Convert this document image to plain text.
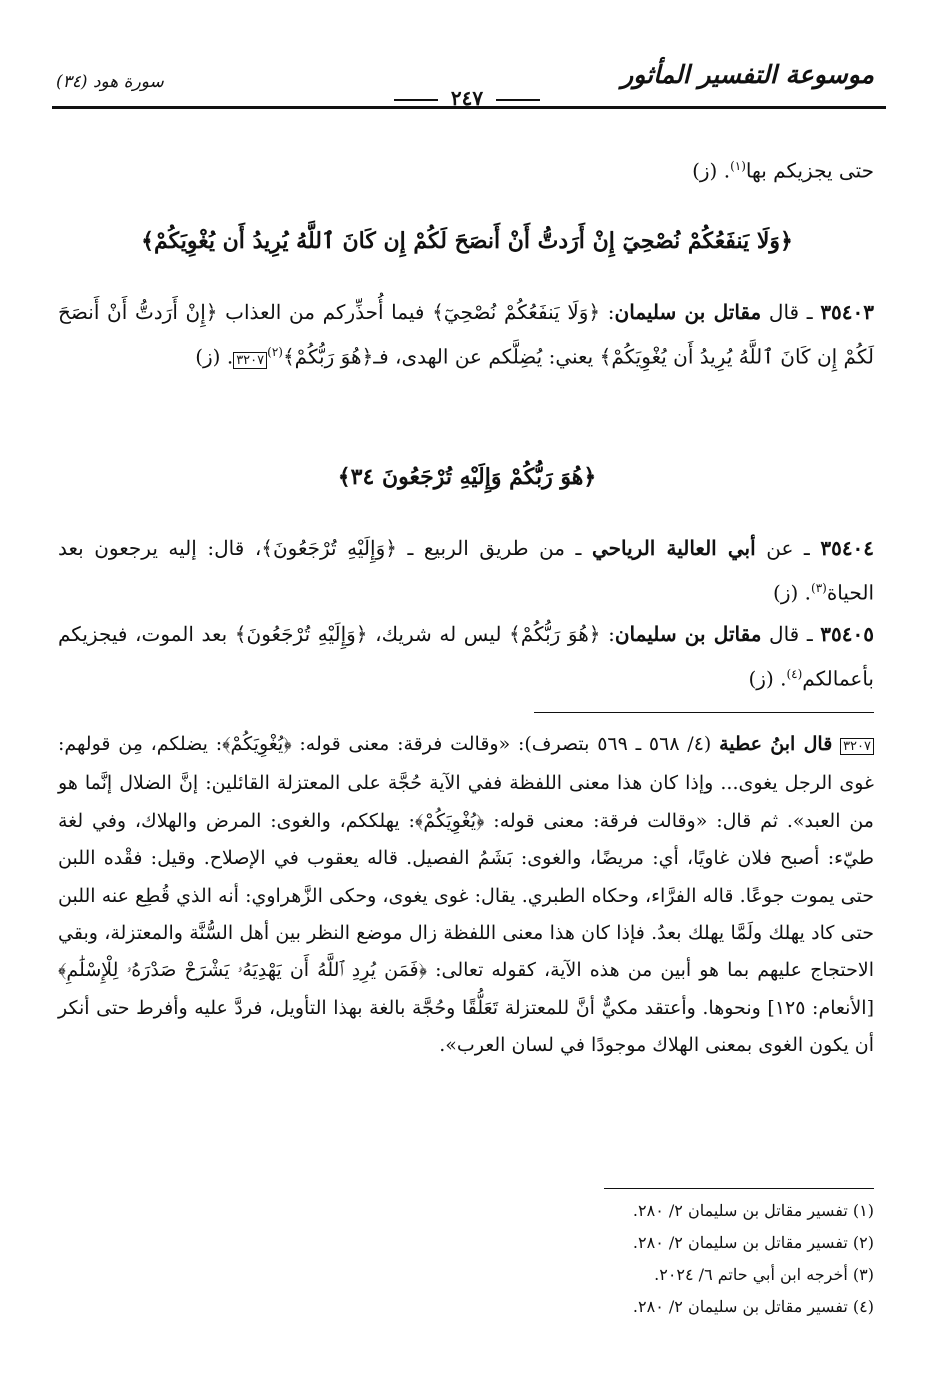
موسوعة التفسير المأثور
سورة هود (٣٤)
٢٤٧
حتى يجزيكم بها$^{(١)}$. (ز)
﴿وَلَا يَنفَعُكُمْ نُصْحِيٓ إِنْ أَرَدتُّ أَنْ أَنصَحَ لَكُمْ إِن كَانَ ٱللَّهُ يُرِيدُ أَن يُغْوِيَكُمْ﴾
٣٥٤٠٣ ـ قال مقاتل بن سليمان: ﴿وَلَا يَنفَعُكُمْ نُصْحِيٓ﴾ فيما أُحذِّركم من العذاب ﴿إِنْ أَرَدتُّ أَنْ أَنصَحَ لَكُمْ إِن كَانَ ٱللَّهُ يُرِيدُ أَن يُغْوِيَكُمْ﴾ يعني: يُضِلَّكم عن الهدى، فـ﴿هُوَ رَبُّكُمْ﴾$^{(٢)}$٣٢٠٧. (ز)
﴿هُوَ رَبُّكُمْ وَإِلَيْهِ تُرْجَعُونَ ٣٤﴾
٣٥٤٠٤ ـ عن أبي العالية الرياحي ـ من طريق الربيع ـ ﴿وَإِلَيْهِ تُرْجَعُونَ﴾، قال: إليه يرجعون بعد الحياة$^{(٣)}$. (ز)
٣٥٤٠٥ ـ قال مقاتل بن سليمان: ﴿هُوَ رَبُّكُمْ﴾ ليس له شريك، ﴿وَإِلَيْهِ تُرْجَعُونَ﴾ بعد الموت، فيجزيكم بأعمالكم$^{(٤)}$. (ز)
٣٢٠٧ قال ابنُ عطية (٤/ ٥٦٨ ـ ٥٦٩ بتصرف): «وقالت فرقة: معنى قوله: ﴿يُغْوِيَكُمْ﴾: يضلكم، مِن قولهم: غوى الرجل يغوى... وإذا كان هذا معنى اللفظة ففي الآية حُجَّة على المعتزلة القائلين: إنَّ الضلال إنَّما هو من العبد». ثم قال: «وقالت فرقة: معنى قوله: ﴿يُغْوِيَكُمْ﴾: يهلككم، والغوى: المرض والهلاك، وفي لغة طيّء: أصبح فلان غاويًا، أي: مريضًا، والغوى: بَشَمُ الفصيل. قاله يعقوب في الإصلاح. وقيل: فقْده اللبن حتى يموت جوعًا. قاله الفرَّاء، وحكاه الطبري. يقال: غوى يغوى، وحكى الزَّهراوي: أنه الذي قُطِع عنه اللبن حتى كاد يهلك ولَمَّا يهلك بعدُ. فإذا كان هذا معنى اللفظة زال موضع النظر بين أهل السُّنَّة والمعتزلة، وبقي الاحتجاج عليهم بما هو أبين من هذه الآية، كقوله تعالى: ﴿فَمَن يُرِدِ ٱللَّهُ أَن يَهْدِيَهُۥ يَشْرَحْ صَدْرَهُۥ لِلْإِسْلَٰمِ﴾ [الأنعام: ١٢٥] ونحوها. وأعتقد مكيٌّ أنَّ للمعتزلة تَعَلُّقًا وحُجَّة بالغة بهذا التأويل، فردَّ عليه وأفرط حتى أنكر أن يكون الغوى بمعنى الهلاك موجودًا في لسان العرب».
(١) تفسير مقاتل بن سليمان ٢/ ٢٨٠.
(٢) تفسير مقاتل بن سليمان ٢/ ٢٨٠.
(٣) أخرجه ابن أبي حاتم ٦/ ٢٠٢٤.
(٤) تفسير مقاتل بن سليمان ٢/ ٢٨٠.
